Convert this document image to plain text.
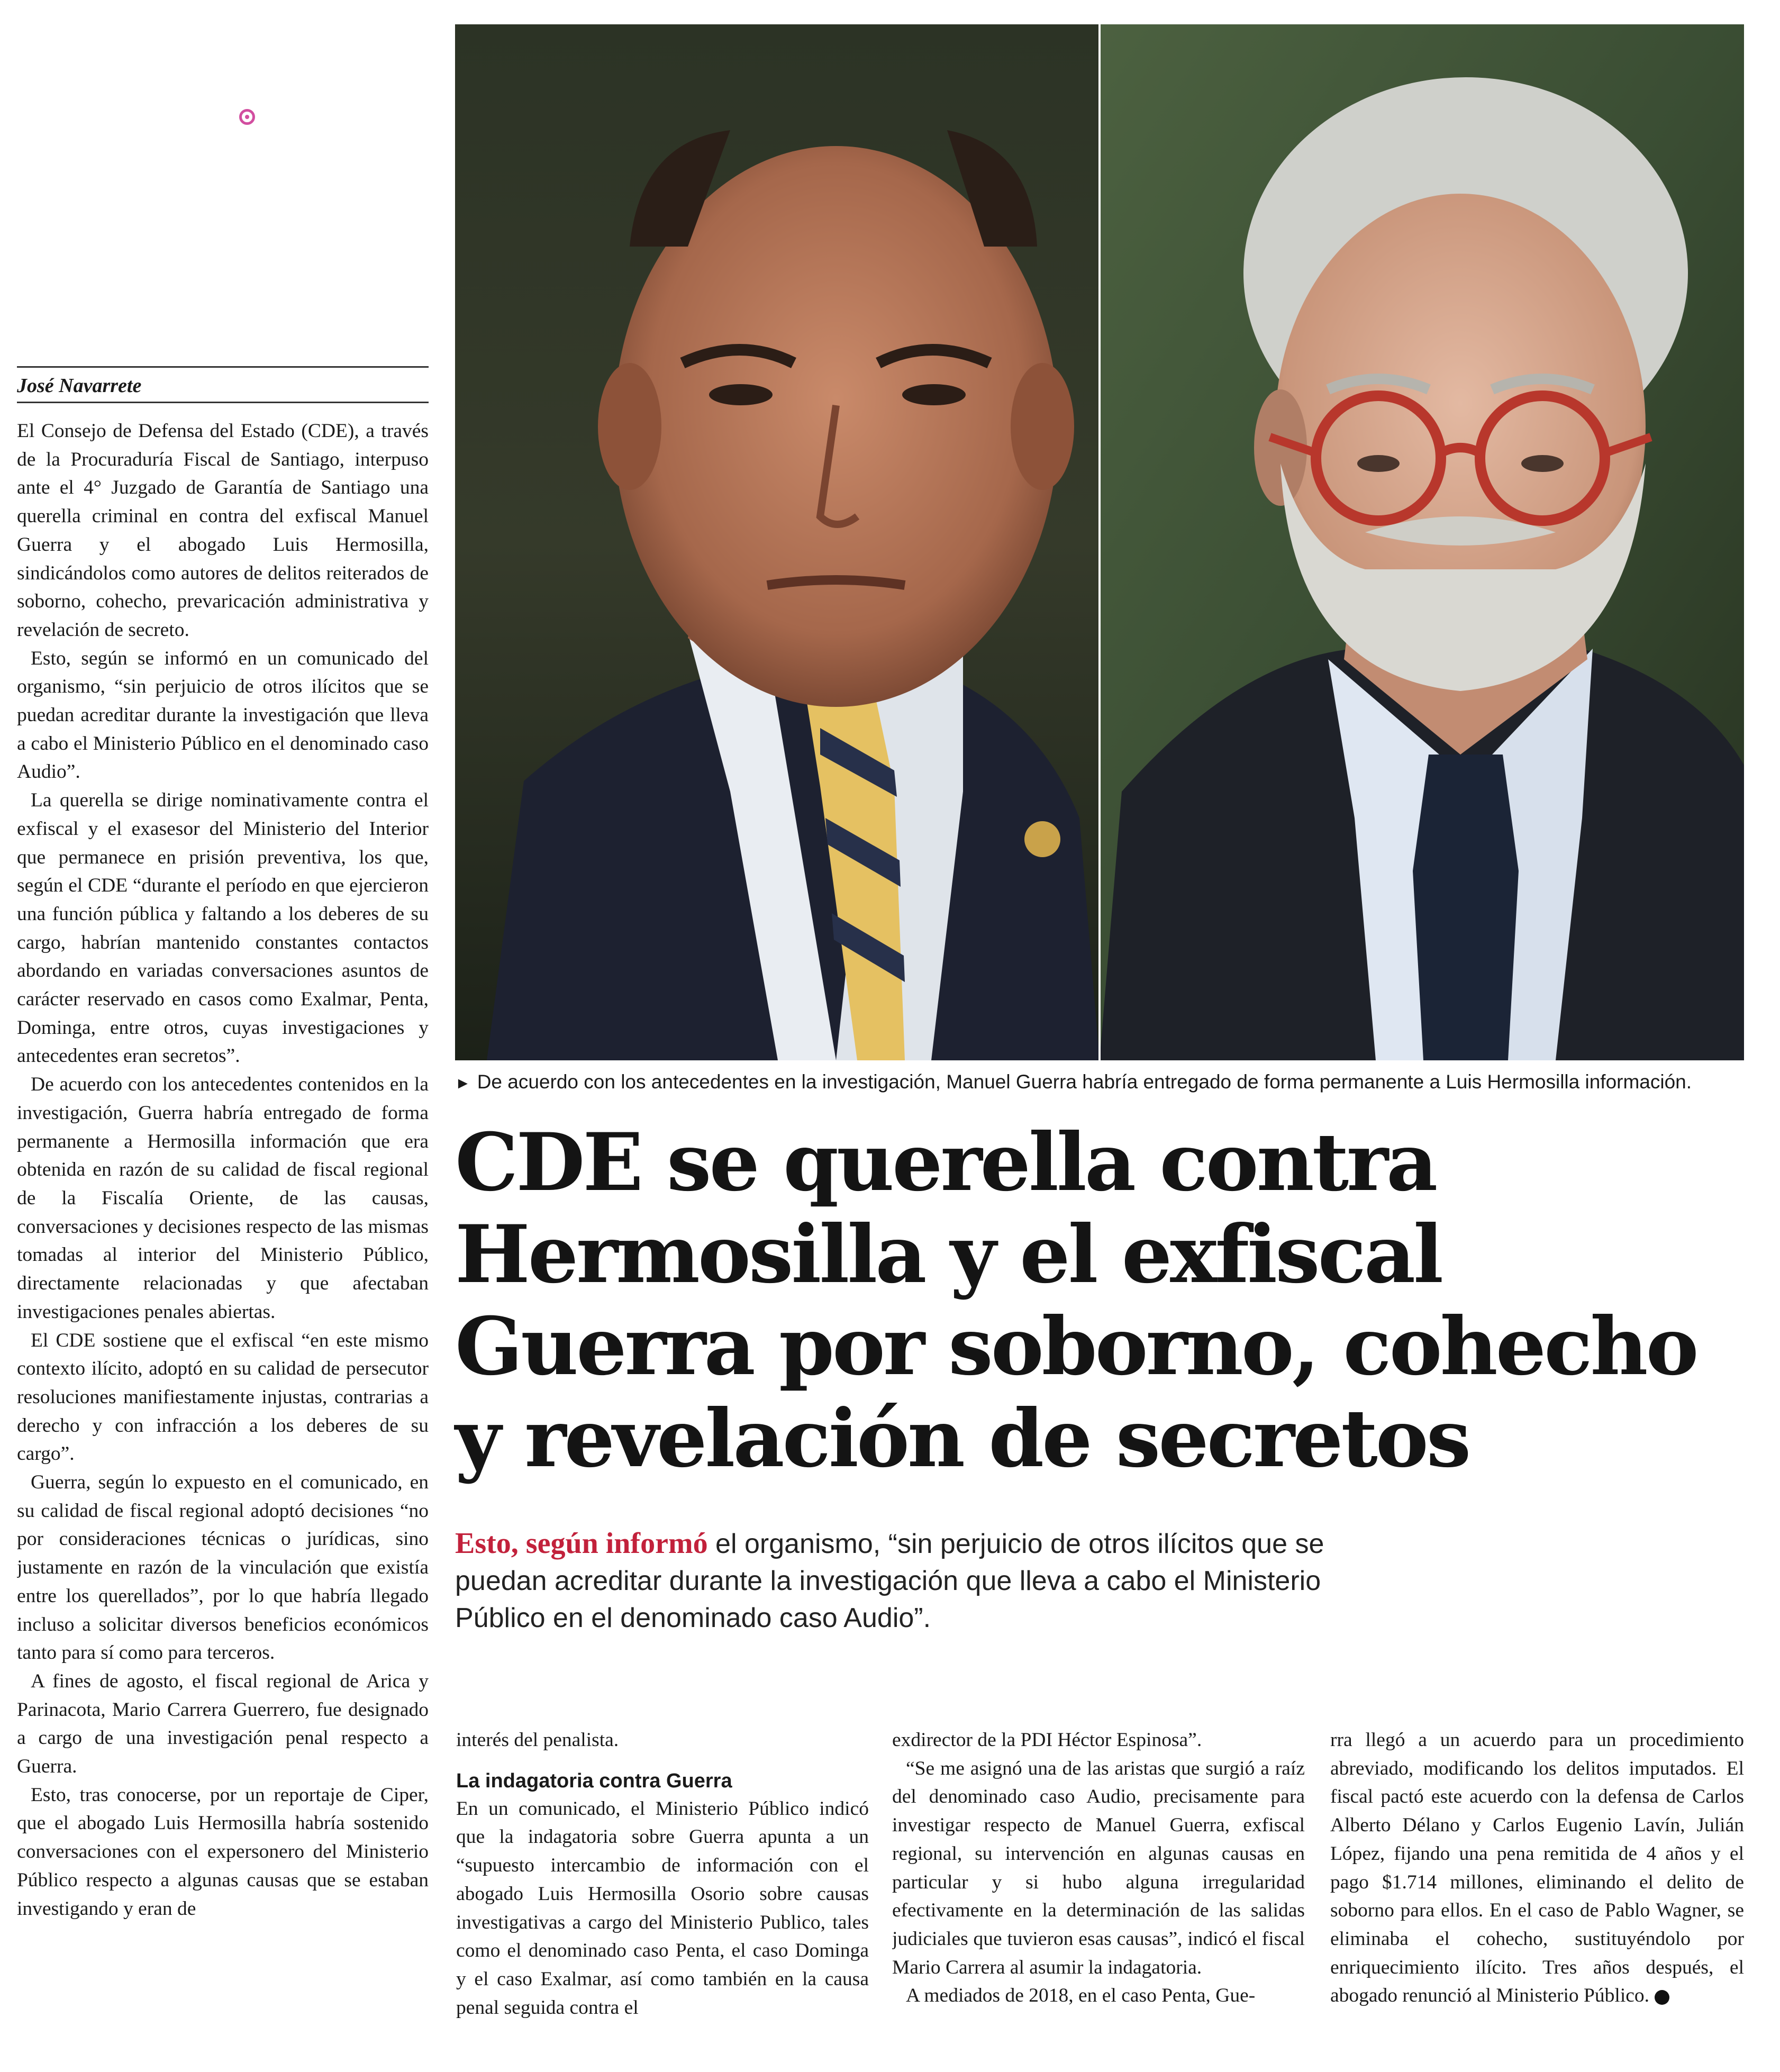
José Navarrete

El Consejo de Defensa del Estado (CDE), a través de la Procuraduría Fiscal de Santiago, interpuso ante el 4° Juzgado de Garantía de Santiago una querella criminal en contra del exfiscal Manuel Guerra y el abogado Luis Hermosilla, sindicándolos como autores de delitos reiterados de soborno, cohecho, prevaricación administrativa y revelación de secreto.

Esto, según se informó en un comunicado del organismo, “sin perjuicio de otros ilícitos que se puedan acreditar durante la investigación que lleva a cabo el Ministerio Público en el denominado caso Audio”.

La querella se dirige nominativamente contra el exfiscal y el exasesor del Ministerio del Interior que permanece en prisión preventiva, los que, según el CDE “durante el período en que ejercieron una función pública y faltando a los deberes de su cargo, habrían mantenido constantes contactos abordando en variadas conversaciones asuntos de carácter reservado en casos como Exalmar, Penta, Dominga, entre otros, cuyas investigaciones y antecedentes eran secretos”.

De acuerdo con los antecedentes contenidos en la investigación, Guerra habría entregado de forma permanente a Hermosilla información que era obtenida en razón de su calidad de fiscal regional de la Fiscalía Oriente, de las causas, conversaciones y decisiones respecto de las mismas tomadas al interior del Ministerio Público, directamente relacionadas y que afectaban investigaciones penales abiertas.

El CDE sostiene que el exfiscal “en este mismo contexto ilícito, adoptó en su calidad de persecutor resoluciones manifiestamente injustas, contrarias a derecho y con infracción a los deberes de su cargo”.

Guerra, según lo expuesto en el comunicado, en su calidad de fiscal regional adoptó decisiones “no por consideraciones técnicas o jurídicas, sino justamente en razón de la vinculación que existía entre los querellados”, por lo que habría llegado incluso a solicitar diversos beneficios económicos tanto para sí como para terceros.

A fines de agosto, el fiscal regional de Arica y Parinacota, Mario Carrera Guerrero, fue designado a cargo de una investigación penal respecto a Guerra.

Esto, tras conocerse, por un reportaje de Ciper, que el abogado Luis Hermosilla habría sostenido conversaciones con el expersonero del Ministerio Público respecto a algunas causas que se estaban investigando y eran de

► De acuerdo con los antecedentes en la investigación, Manuel Guerra habría entregado de forma permanente a Luis Hermosilla información.
CDE se querella contra
Hermosilla y el exfiscal
Guerra por soborno, cohecho
y revelación de secretos
Esto, según informó el organismo, “sin perjuicio de otros ilícitos que se puedan acreditar durante la investigación que lleva a cabo el Ministerio Público en el denominado caso Audio”.

interés del penalista.

La indagatoria contra Guerra

En un comunicado, el Ministerio Público indicó que la indagatoria sobre Guerra apunta a un “supuesto intercambio de información con el abogado Luis Hermosilla Osorio sobre causas investigativas a cargo del Ministerio Publico, tales como el denominado caso Penta, el caso Dominga y el caso Exalmar, así como también en la causa penal seguida contra el

exdirector de la PDI Héctor Espinosa”.

“Se me asignó una de las aristas que surgió a raíz del denominado caso Audio, precisamente para investigar respecto de Manuel Guerra, exfiscal regional, su intervención en algunas causas en particular y si hubo alguna irregularidad efectivamente en la determinación de las salidas judiciales que tuvieron esas causas”, indicó el fiscal Mario Carrera al asumir la indagatoria.

A mediados de 2018, en el caso Penta, Gue-

rra llegó a un acuerdo para un procedimiento abreviado, modificando los delitos imputados. El fiscal pactó este acuerdo con la defensa de Carlos Alberto Délano y Carlos Eugenio Lavín, Julián López, fijando una pena remitida de 4 años y el pago $1.714 millones, eliminando el delito de soborno para ellos. En el caso de Pablo Wagner, se eliminaba el cohecho, sustituyéndolo por enriquecimiento ilícito. Tres años después, el abogado renunció al Ministerio Público.
